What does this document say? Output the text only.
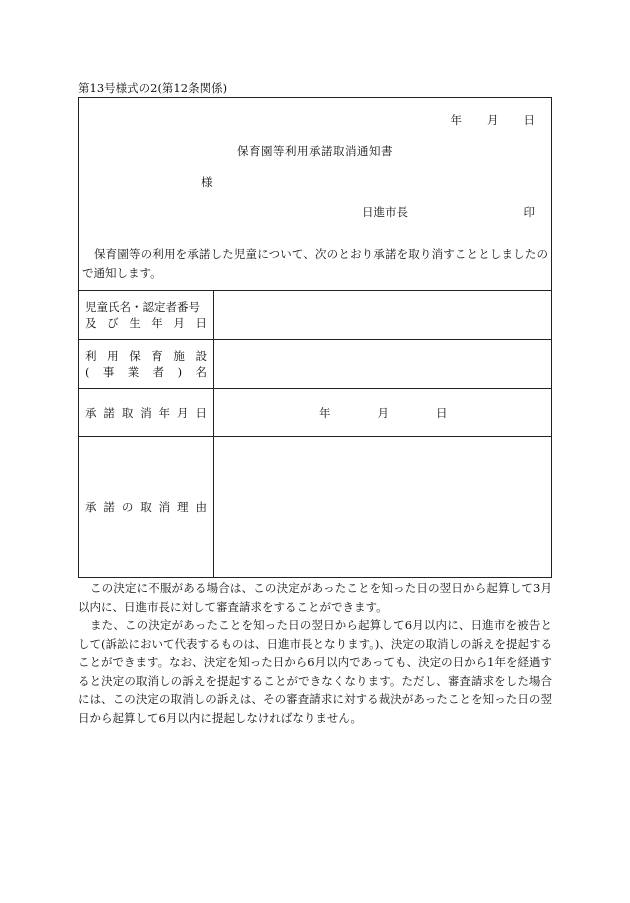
第13号様式の2(第12条関係)
年 月 日
保育園等利用承諾取消通知書
様
日進市長	印
保育園等の利用を承諾した児童について、次のとおり承諾を取り消すこととしましたので通知します。
児童氏名・認定者番号
及 び 生 年 月 日
利 用 保 育 施 設
( 事 業 者 ) 名
承 諾 取 消 年 月 日	年	月	日
承 諾 の 取 消 理 由

この決定に不服がある場合は、この決定があったことを知った日の翌日から起算して3月以内に、日進市長に対して審査請求をすることができます。

また、この決定があったことを知った日の翌日から起算して6月以内に、日進市を被告として(訴訟において代表するものは、日進市長となります。)、決定の取消しの訴えを提起することができます。なお、決定を知った日から6月以内であっても、決定の日から1年を経過すると決定の取消しの訴えを提起することができなくなります。ただし、審査請求をした場合には、この決定の取消しの訴えは、その審査請求に対する裁決があったことを知った日の翌日から起算して6月以内に提起しなければなりません。
